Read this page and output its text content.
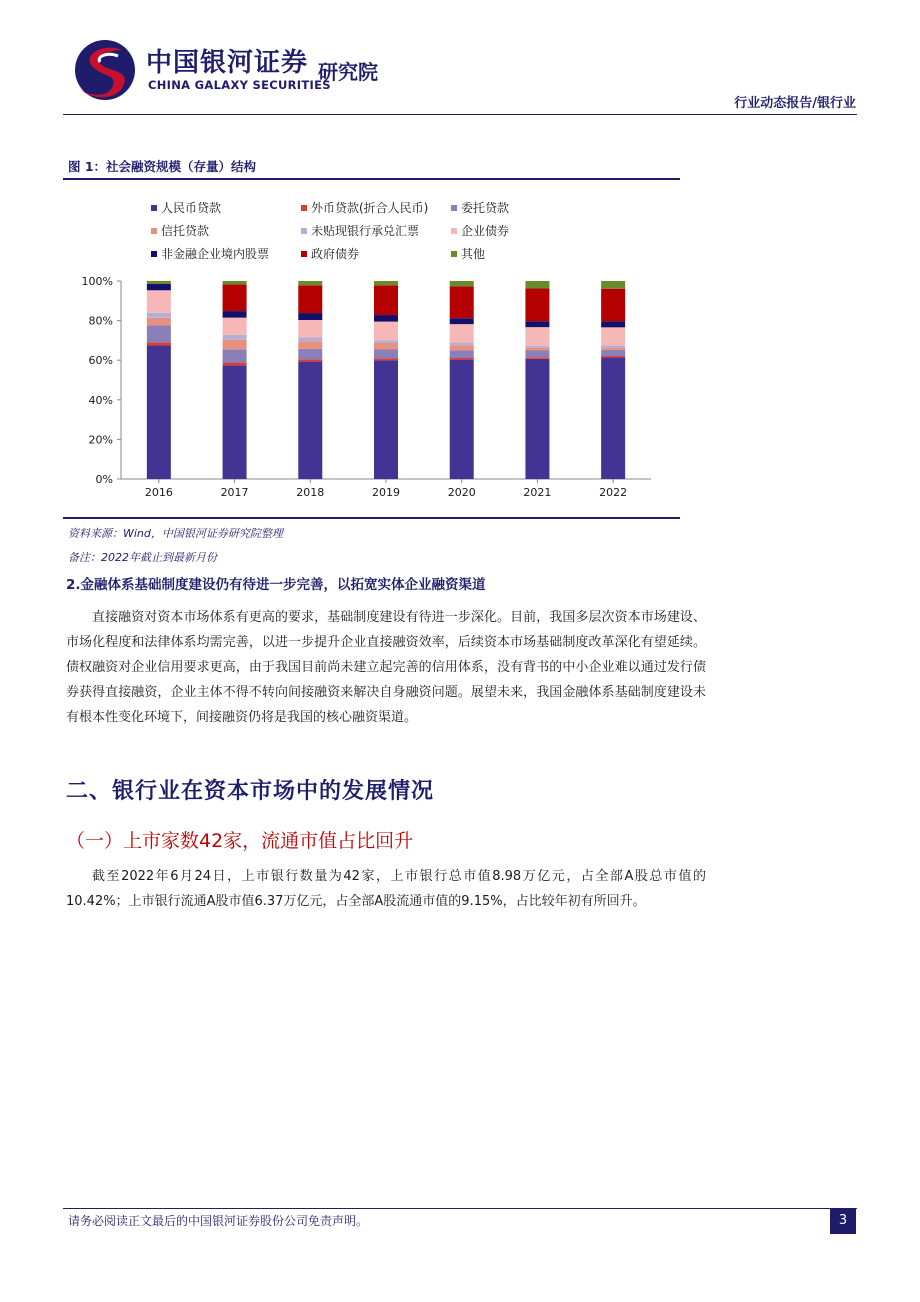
中国银河证券
CHINA GALAXY SECURITIES
研究院
行业动态报告/银行业
图 1：社会融资规模（存量）结构
人民币贷款	外币贷款(折合人民币)	委托贷款
信托贷款	未贴现银行承兑汇票	企业债券
非金融企业境内股票	政府债券	其他
0%
20%
40%
60%
80%
100%
2016	2017	2018	2019	2020	2021	2022
资料来源：Wind，中国银河证券研究院整理
备注：2022年截止到最新月份
2.金融体系基础制度建设仍有待进一步完善，以拓宽实体企业融资渠道
直接融资对资本市场体系有更高的要求，基础制度建设有待进一步深化。目前，我国多层次资本市场建设、市场化程度和法律体系均需完善，以进一步提升企业直接融资效率，后续资本市场基础制度改革深化有望延续。债权融资对企业信用要求更高，由于我国目前尚未建立起完善的信用体系，没有背书的中小企业难以通过发行债券获得直接融资，企业主体不得不转向间接融资来解决自身融资问题。展望未来，我国金融体系基础制度建设未有根本性变化环境下，间接融资仍将是我国的核心融资渠道。
二、银行业在资本市场中的发展情况
（一）上市家数42家，流通市值占比回升
截至2022年6月24日，上市银行数量为42家，上市银行总市值8.98万亿元，占全部A股总市值的10.42%；上市银行流通A股市值6.37万亿元，占全部A股流通市值的9.15%，占比较年初有所回升。
请务必阅读正文最后的中国银河证券股份公司免责声明。	3
